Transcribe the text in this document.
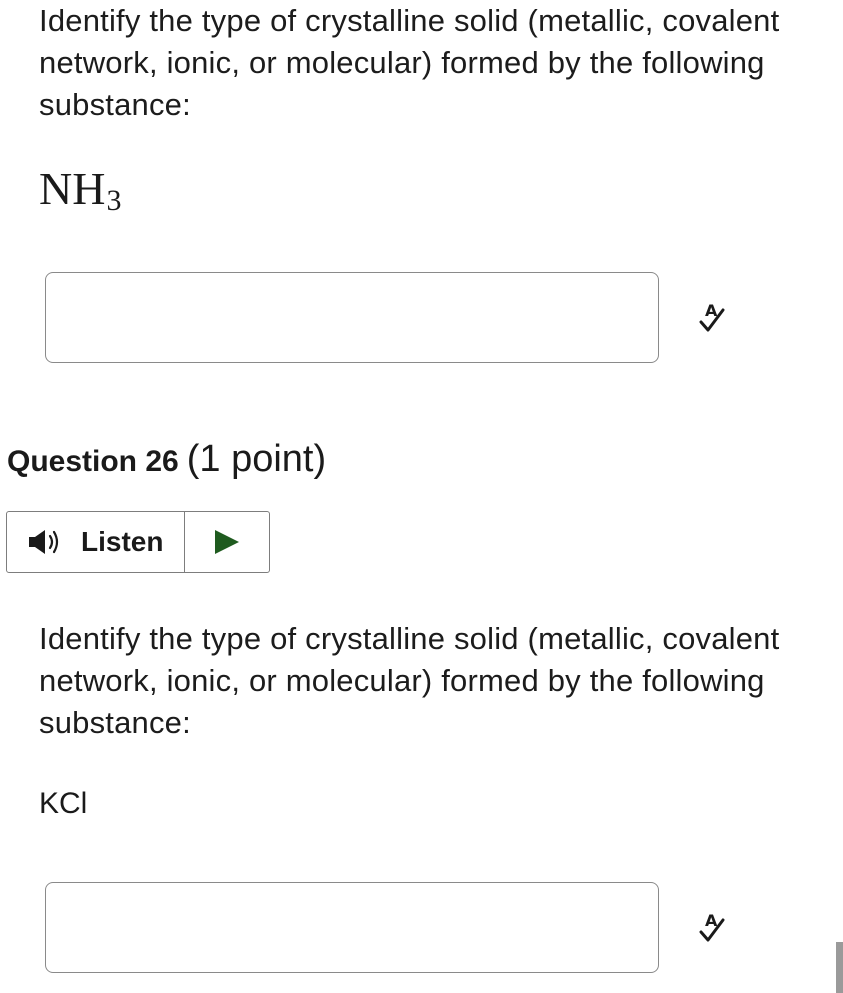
Identify the type of crystalline solid (metallic, covalent network, ionic, or molecular) formed by the following substance:
NH3
A
Question 26 (1 point)
Listen
Identify the type of crystalline solid (metallic, covalent network, ionic, or molecular) formed by the following substance:
KCl
A
